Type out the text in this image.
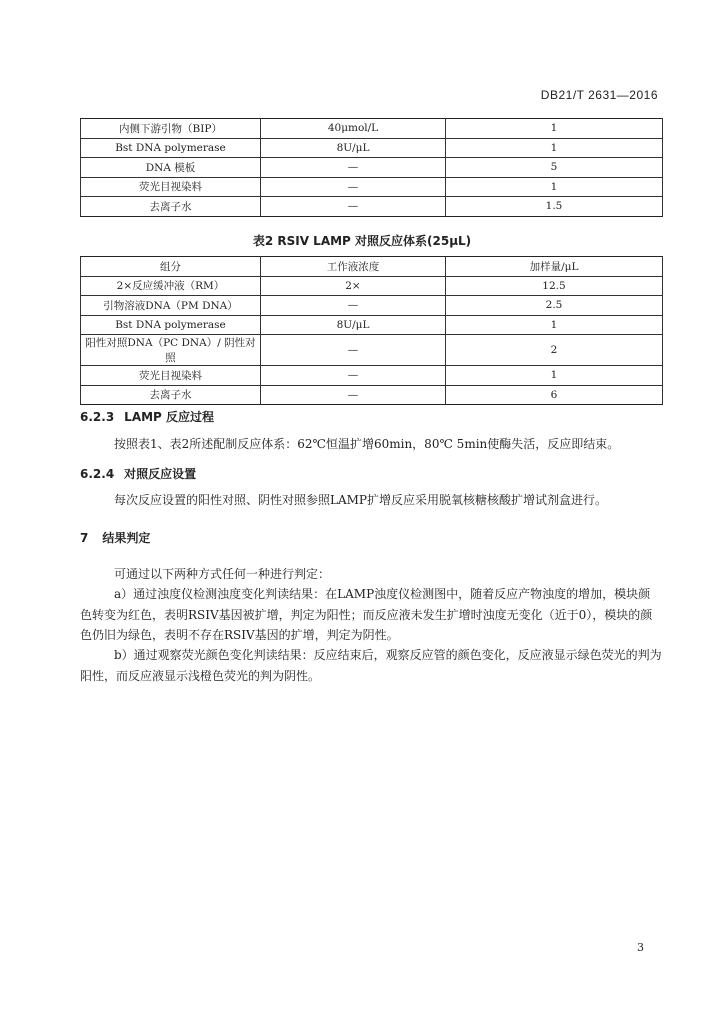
DB21/T 2631—2016
内侧下游引物（BIP）	40μmol/L	1
Bst DNA polymerase	8U/μL	1
DNA 模板	—	5
荧光目视染料	—	1
去离子水	—	1.5
表2 RSIV LAMP 对照反应体系(25μL)
组分	工作液浓度	加样量/μL
2×反应缓冲液（RM）	2×	12.5
引物溶液DNA（PM DNA）	—	2.5
Bst DNA polymerase	8U/μL	1
阳性对照DNA（PC DNA）/ 阴性对照	—	2
荧光目视染料	—	1
去离子水	—	6
6.2.3 LAMP 反应过程
按照表1、表2所述配制反应体系：62℃恒温扩增60min，80℃ 5min使酶失活，反应即结束。
6.2.4 对照反应设置
每次反应设置的阳性对照、阴性对照参照LAMP扩增反应采用脱氧核糖核酸扩增试剂盒进行。
7 结果判定
可通过以下两种方式任何一种进行判定：
a）通过浊度仪检测浊度变化判读结果：在LAMP浊度仪检测图中，随着反应产物浊度的增加，模块颜色转变为红色，表明RSIV基因被扩增，判定为阳性；而反应液未发生扩增时浊度无变化（近于0），模块的颜色仍旧为绿色，表明不存在RSIV基因的扩增，判定为阴性。
b）通过观察荧光颜色变化判读结果：反应结束后，观察反应管的颜色变化，反应液显示绿色荧光的判为阳性，而反应液显示浅橙色荧光的判为阴性。
3
